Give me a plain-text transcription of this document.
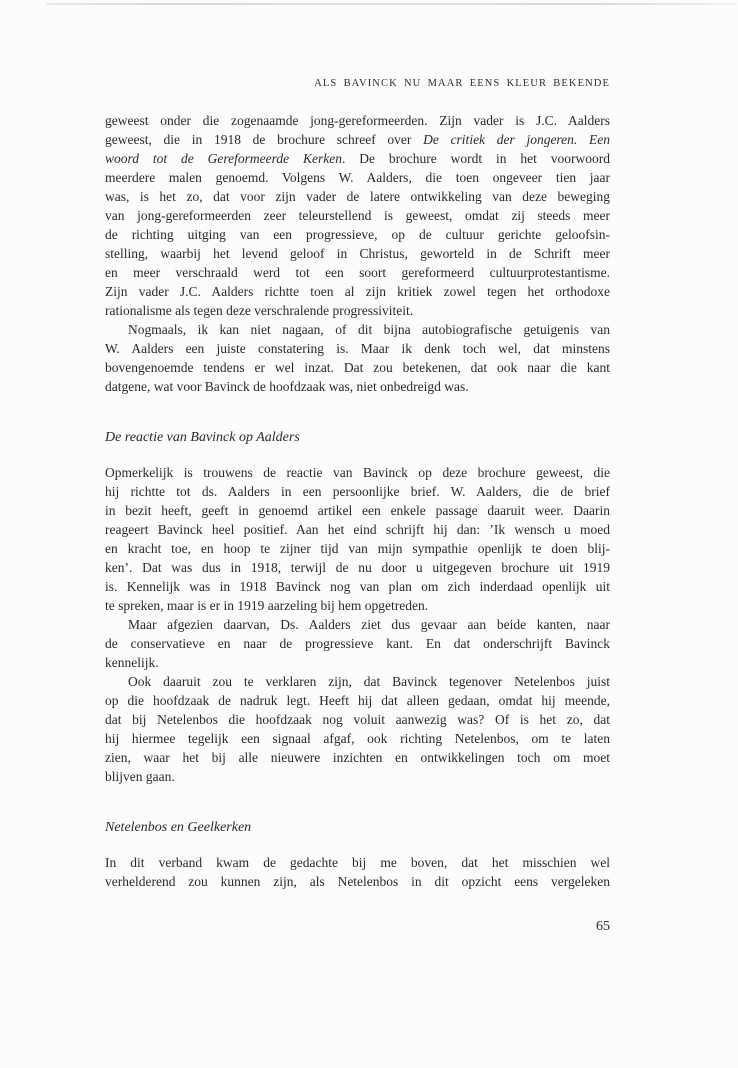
ALS BAVINCK NU MAAR EENS KLEUR BEKENDE
geweest onder die zogenaamde jong-gereformeerden. Zijn vader is J.C. Aalders
geweest, die in 1918 de brochure schreef over De critiek der jongeren. Een
woord tot de Gereformeerde Kerken. De brochure wordt in het voorwoord
meerdere malen genoemd. Volgens W. Aalders, die toen ongeveer tien jaar
was, is het zo, dat voor zijn vader de latere ontwikkeling van deze beweging
van jong-gereformeerden zeer teleurstellend is geweest, omdat zij steeds meer
de richting uitging van een progressieve, op de cultuur gerichte geloofsin-
stelling, waarbij het levend geloof in Christus, geworteld in de Schrift meer
en meer verschraald werd tot een soort gereformeerd cultuurprotestantisme.
Zijn vader J.C. Aalders richtte toen al zijn kritiek zowel tegen het orthodoxe
rationalisme als tegen deze verschralende progressiviteit.
Nogmaals, ik kan niet nagaan, of dit bijna autobiografische getuigenis van
W. Aalders een juiste constatering is. Maar ik denk toch wel, dat minstens
bovengenoemde tendens er wel inzat. Dat zou betekenen, dat ook naar die kant
datgene, wat voor Bavinck de hoofdzaak was, niet onbedreigd was.
De reactie van Bavinck op Aalders
Opmerkelijk is trouwens de reactie van Bavinck op deze brochure geweest, die
hij richtte tot ds. Aalders in een persoonlijke brief. W. Aalders, die de brief
in bezit heeft, geeft in genoemd artikel een enkele passage daaruit weer. Daarin
reageert Bavinck heel positief. Aan het eind schrijft hij dan: ’Ik wensch u moed
en kracht toe, en hoop te zijner tijd van mijn sympathie openlijk te doen blij-
ken’. Dat was dus in 1918, terwijl de nu door u uitgegeven brochure uit 1919
is. Kennelijk was in 1918 Bavinck nog van plan om zich inderdaad openlijk uit
te spreken, maar is er in 1919 aarzeling bij hem opgetreden.
Maar afgezien daarvan, Ds. Aalders ziet dus gevaar aan beide kanten, naar
de conservatieve en naar de progressieve kant. En dat onderschrijft Bavinck
kennelijk.
Ook daaruit zou te verklaren zijn, dat Bavinck tegenover Netelenbos juist
op die hoofdzaak de nadruk legt. Heeft hij dat alleen gedaan, omdat hij meende,
dat bij Netelenbos die hoofdzaak nog voluit aanwezig was? Of is het zo, dat
hij hiermee tegelijk een signaal afgaf, ook richting Netelenbos, om te laten
zien, waar het bij alle nieuwere inzichten en ontwikkelingen toch om moet
blijven gaan.
Netelenbos en Geelkerken
In dit verband kwam de gedachte bij me boven, dat het misschien wel
verhelderend zou kunnen zijn, als Netelenbos in dit opzicht eens vergeleken
65
